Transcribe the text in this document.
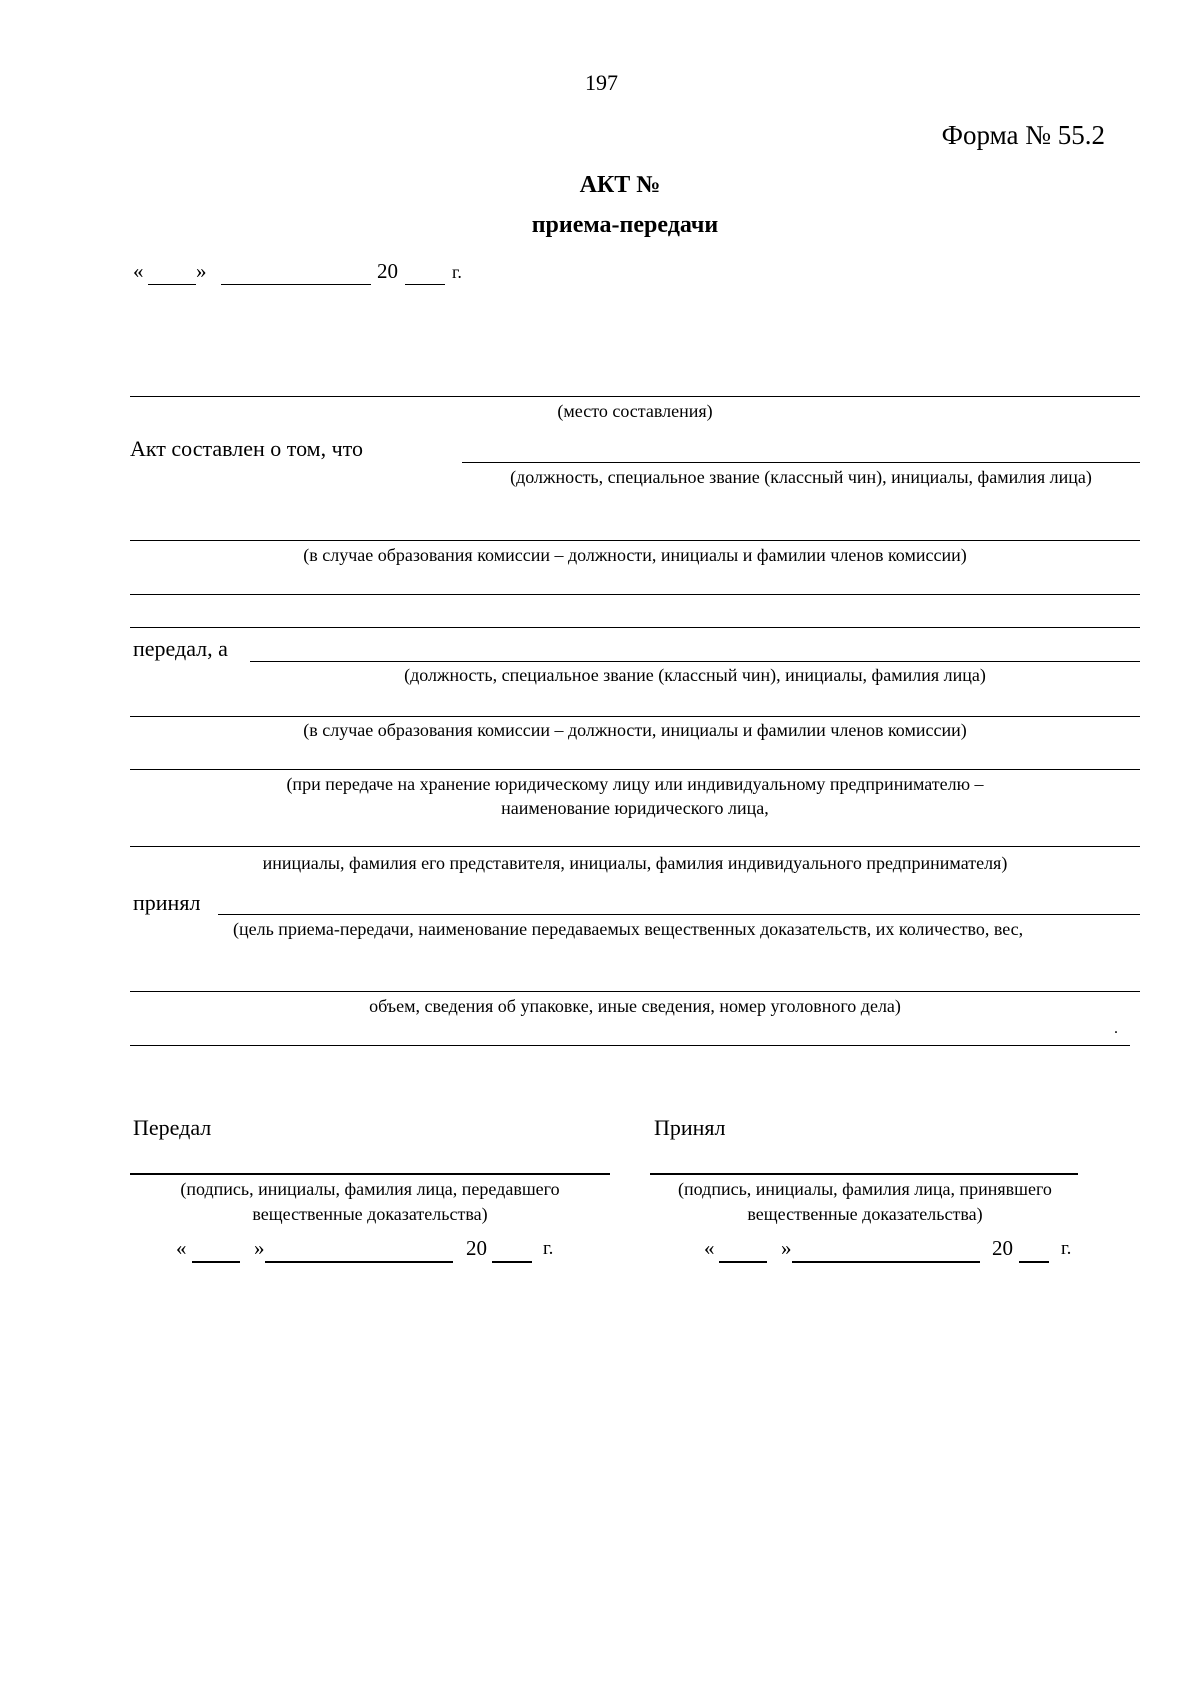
197
Форма № 55.2
АКТ №
приема-передачи
«	»	20	г.
(место составления)
Акт составлен о том, что
(должность, специальное звание (классный чин), инициалы, фамилия лица)
(в случае образования комиссии – должности, инициалы и фамилии членов комиссии)
передал, а
(должность, специальное звание (классный чин), инициалы, фамилия лица)
(в случае образования комиссии – должности, инициалы и фамилии членов комиссии)
(при передаче на хранение юридическому лицу или индивидуальному предпринимателю –
наименование юридического лица,
инициалы, фамилия его представителя, инициалы, фамилия индивидуального предпринимателя)
принял
(цель приема-передачи, наименование передаваемых вещественных доказательств, их количество, вес,
объем, сведения об упаковке, иные сведения, номер уголовного дела)
.
Передал
(подпись, инициалы, фамилия лица, передавшего вещественные доказательства)
«	»	20	г.
Принял
(подпись, инициалы, фамилия лица, принявшего вещественные доказательства)
«	»	20	г.
